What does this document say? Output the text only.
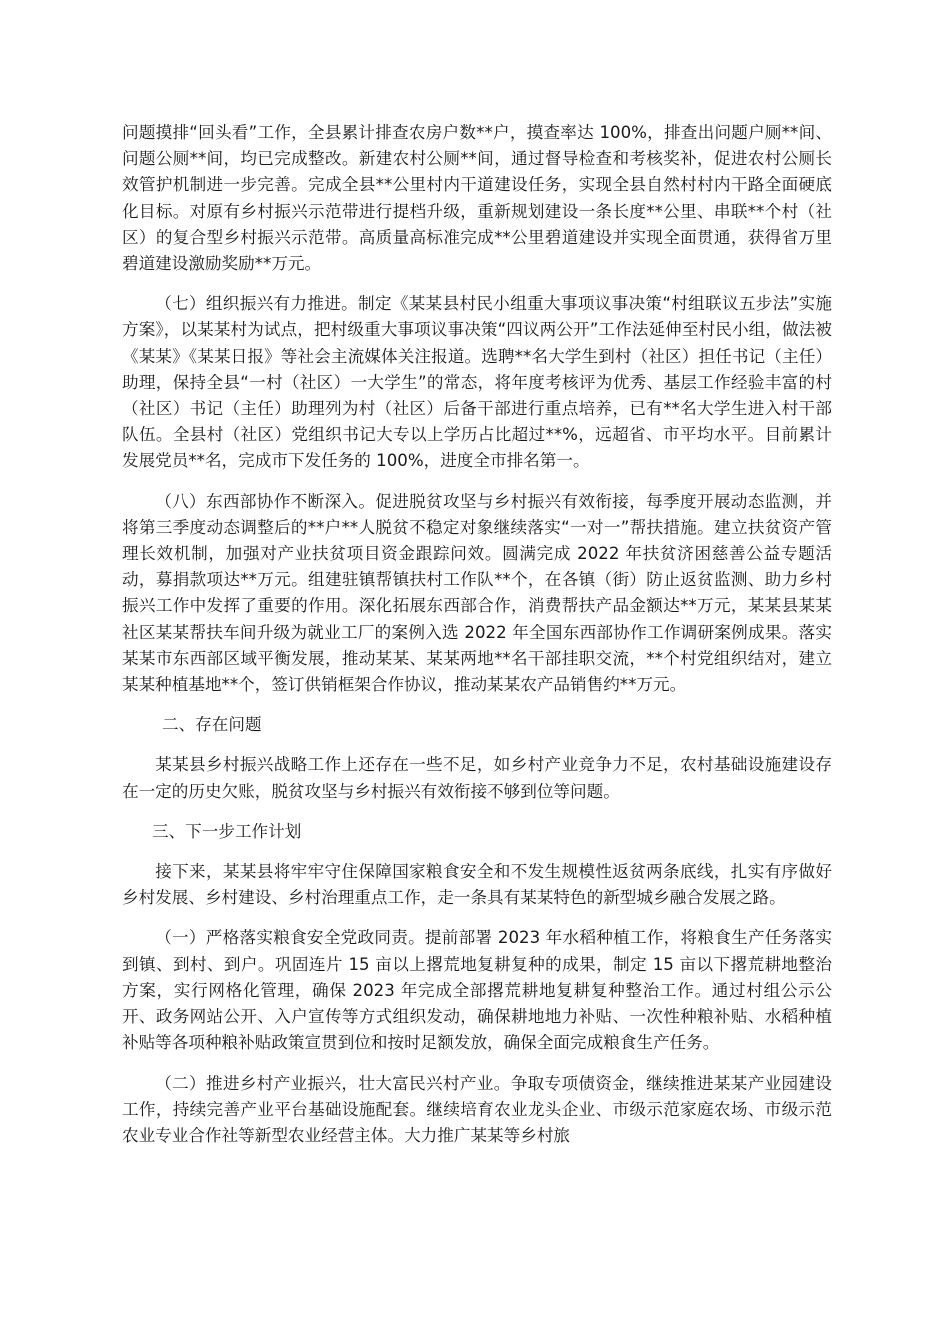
问题摸排“回头看”工作，全县累计排查农房户数**户，摸查率达 100%，排查出问题户厕**间、问题公厕**间，均已完成整改。新建农村公厕**间，通过督导检查和考核奖补，促进农村公厕长效管护机制进一步完善。完成全县**公里村内干道建设任务，实现全县自然村村内干路全面硬底化目标。对原有乡村振兴示范带进行提档升级，重新规划建设一条长度**公里、串联**个村（社区）的复合型乡村振兴示范带。高质量高标准完成**公里碧道建设并实现全面贯通，获得省万里碧道建设激励奖励**万元。

（七）组织振兴有力推进。制定《某某县村民小组重大事项议事决策“村组联议五步法”实施方案》，以某某村为试点，把村级重大事项议事决策“四议两公开”工作法延伸至村民小组，做法被《某某》《某某日报》等社会主流媒体关注报道。选聘**名大学生到村（社区）担任书记（主任）助理，保持全县“一村（社区）一大学生”的常态，将年度考核评为优秀、基层工作经验丰富的村（社区）书记（主任）助理列为村（社区）后备干部进行重点培养，已有**名大学生进入村干部队伍。全县村（社区）党组织书记大专以上学历占比超过**%，远超省、市平均水平。目前累计发展党员**名，完成市下发任务的 100%，进度全市排名第一。

（八）东西部协作不断深入。促进脱贫攻坚与乡村振兴有效衔接，每季度开展动态监测，并将第三季度动态调整后的**户**人脱贫不稳定对象继续落实“一对一”帮扶措施。建立扶贫资产管理长效机制，加强对产业扶贫项目资金跟踪问效。圆满完成 2022 年扶贫济困慈善公益专题活动，募捐款项达**万元。组建驻镇帮镇扶村工作队**个，在各镇（街）防止返贫监测、助力乡村振兴工作中发挥了重要的作用。深化拓展东西部合作，消费帮扶产品金额达**万元，某某县某某社区某某帮扶车间升级为就业工厂的案例入选 2022 年全国东西部协作工作调研案例成果。落实某某市东西部区域平衡发展，推动某某、某某两地**名干部挂职交流，**个村党组织结对，建立某某种植基地**个，签订供销框架合作协议，推动某某农产品销售约**万元。

二、存在问题

某某县乡村振兴战略工作上还存在一些不足，如乡村产业竞争力不足，农村基础设施建设存在一定的历史欠账，脱贫攻坚与乡村振兴有效衔接不够到位等问题。

三、下一步工作计划

接下来，某某县将牢牢守住保障国家粮食安全和不发生规模性返贫两条底线，扎实有序做好乡村发展、乡村建设、乡村治理重点工作，走一条具有某某特色的新型城乡融合发展之路。

（一）严格落实粮食安全党政同责。提前部署 2023 年水稻种植工作，将粮食生产任务落实到镇、到村、到户。巩固连片 15 亩以上撂荒地复耕复种的成果，制定 15 亩以下撂荒耕地整治方案，实行网格化管理，确保 2023 年完成全部撂荒耕地复耕复种整治工作。通过村组公示公开、政务网站公开、入户宣传等方式组织发动，确保耕地地力补贴、一次性种粮补贴、水稻种植补贴等各项种粮补贴政策宣贯到位和按时足额发放，确保全面完成粮食生产任务。

（二）推进乡村产业振兴，壮大富民兴村产业。争取专项债资金，继续推进某某产业园建设工作，持续完善产业平台基础设施配套。继续培育农业龙头企业、市级示范家庭农场、市级示范农业专业合作社等新型农业经营主体。大力推广某某等乡村旅
